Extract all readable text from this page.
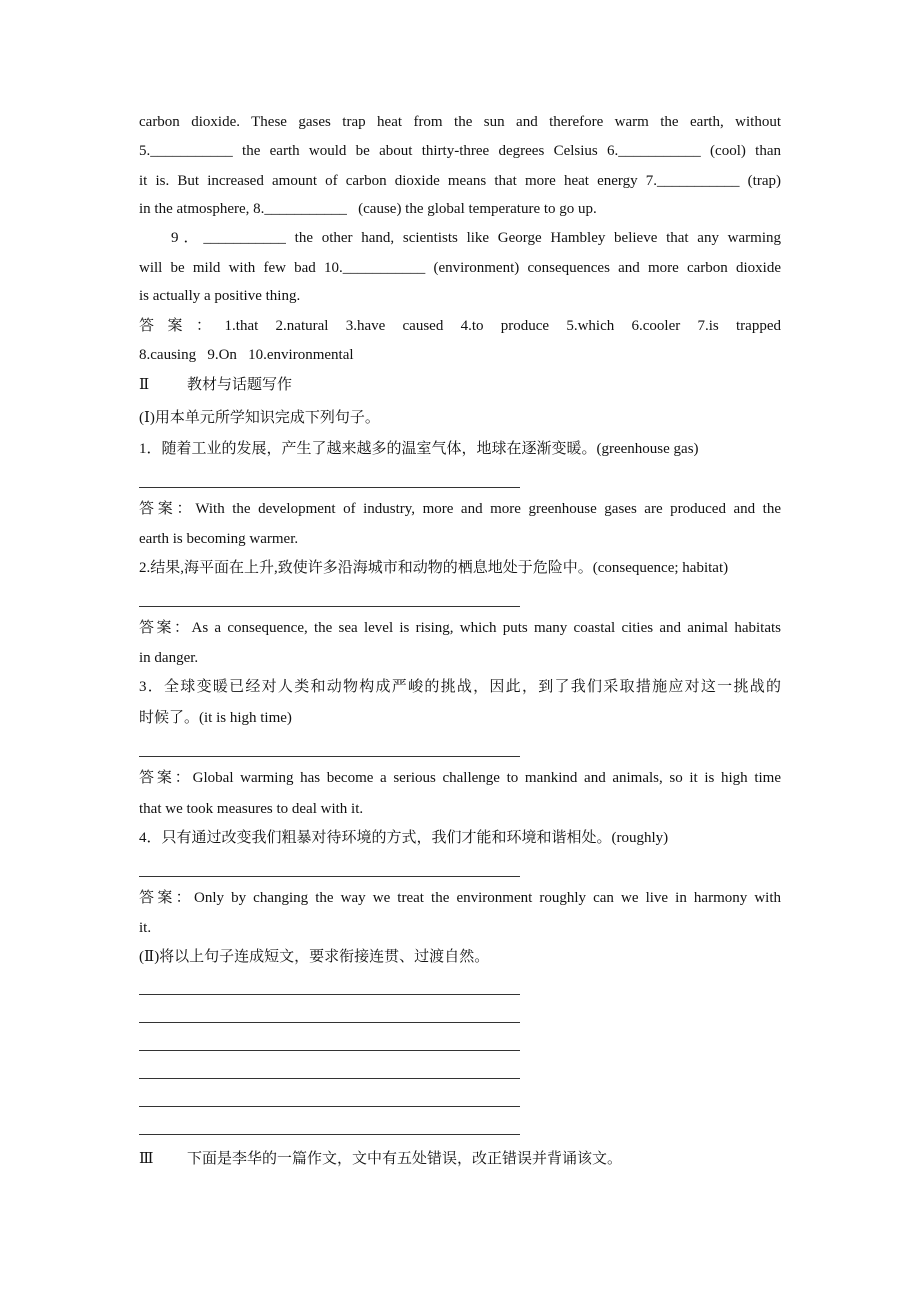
carbon dioxide. These gases trap heat from the sun and therefore warm the earth, without
5.___________ the earth would be about thirty‑three degrees Celsius 6.___________ (cool) than
it is. But increased amount of carbon dioxide means that more heat energy 7.___________ (trap)
in the atmosphere, 8.___________   (cause) the global temperature to go up.
9．___________ the other hand, scientists like George Hambley believe that any warming
will be mild with few bad 10.___________ (environment) consequences and more carbon dioxide
is actually a positive thing.
答案：1.that 2.natural 3.have caused 4.to produce 5.which 6.cooler 7.is trapped
8.causing   9.On   10.environmental
Ⅱ	教材与话题写作
(Ⅰ)用本单元所学知识完成下列句子。
1．随着工业的发展，产生了越来越多的温室气体，地球在逐渐变暖。(greenhouse gas)
答案：With the development of industry, more and more greenhouse gases are produced and the
earth is becoming warmer.
2.结果,海平面在上升,致使许多沿海城市和动物的栖息地处于危险中。(consequence; habitat)
答案：As a consequence, the sea level is rising, which puts many coastal cities and animal habitats
in danger.
3．全球变暖已经对人类和动物构成严峻的挑战，因此，到了我们采取措施应对这一挑战的
时候了。(it is high time)
答案：Global warming has become a serious challenge to mankind and animals, so it is high time
that we took measures to deal with it.
4．只有通过改变我们粗暴对待环境的方式，我们才能和环境和谐相处。(roughly)
答案：Only by changing the way we treat the environment roughly can we live in harmony with
it.
(Ⅱ)将以上句子连成短文，要求衔接连贯、过渡自然。
Ⅲ 下面是李华的一篇作文，文中有五处错误，改正错误并背诵该文。
